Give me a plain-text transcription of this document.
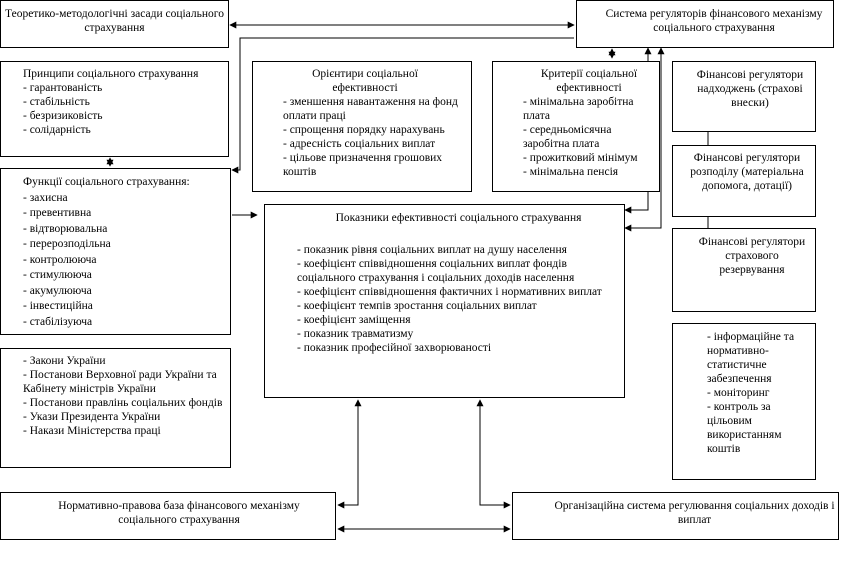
Теоретико-методологічні засади соціального страхування
Система регуляторів фінансового механізму соціального страхування
Принципи соціального страхування
- гарантованість
- стабільність
- безризиковість
- солідарність
Орієнтири соціальної ефективності
- зменшення навантаження на фонд оплати праці
- спрощення порядку нарахувань
- адресність соціальних виплат
- цільове призначення грошових коштів
Критерії соціальної ефективності
- мінімальна заробітна плата
- середньомісячна заробітна плата
- прожитковий мінімум
- мінімальна пенсія
Фінансові регулятори надходжень (страхові внески)
Фінансові регулятори розподілу (матеріальна допомога, дотації)
Фінансові регулятори страхового резервування
Функції соціального страхування:
- захисна
- превентивна
- відтворювальна
- перерозподільна
- контролююча
- стимулююча
- акумулююча
- інвестиційна
- стабілізуюча
Показники ефективності соціального страхування
- показник рівня соціальних виплат на душу населення
- коефіцієнт співвідношення соціальних виплат фондів соціального страхування і соціальних доходів населення
- коефіцієнт співвідношення фактичних і нормативних виплат
- коефіцієнт темпів зростання соціальних виплат
- коефіцієнт заміщення
- показник травматизму
- показник професійної захворюваності
- Закони України
- Постанови Верховної ради України та Кабінету міністрів України
- Постанови правлінь соціальних фондів
- Укази Президента України
- Накази Міністерства праці
- інформаційне та нормативно-статистичне забезпечення
- моніторинг
- контроль за цільовим використанням коштів
Нормативно-правова база фінансового механізму соціального страхування
Організаційна система регулювання соціальних доходів і виплат
